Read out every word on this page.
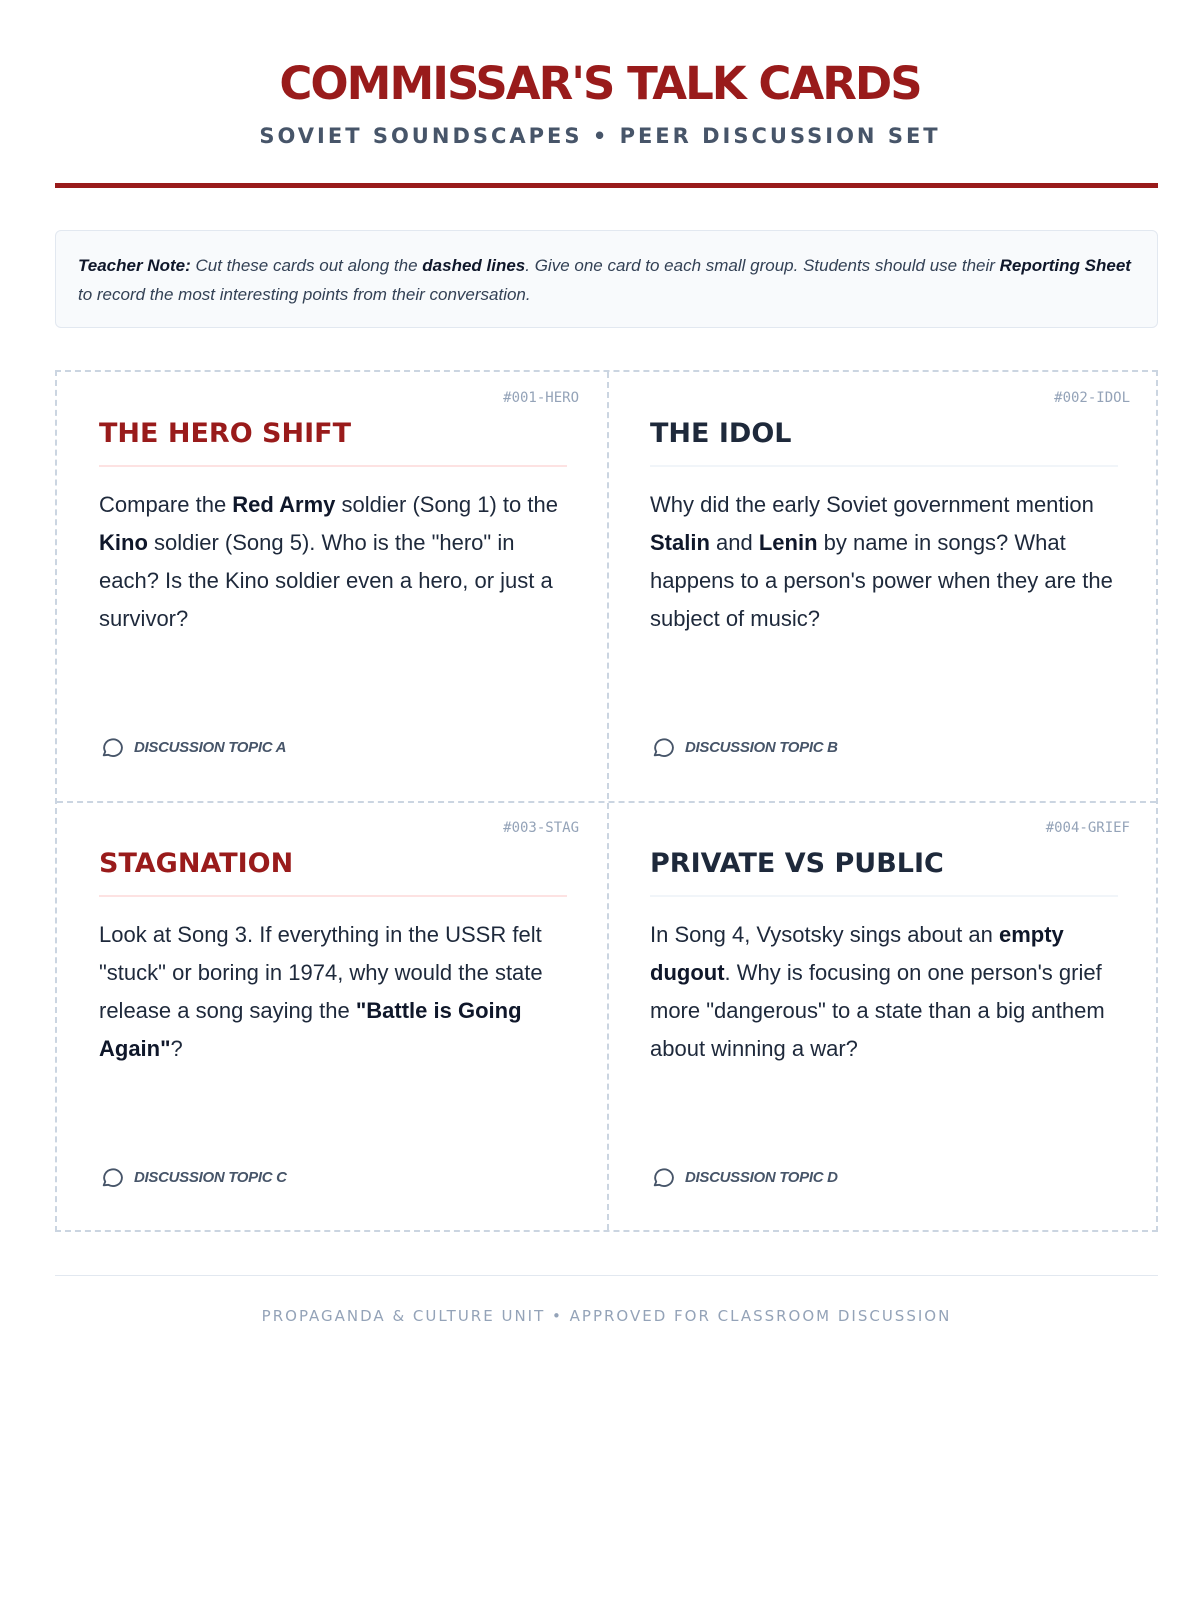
COMMISSAR'S TALK CARDS
SOVIET SOUNDSCAPES • PEER DISCUSSION SET
Teacher Note: Cut these cards out along the dashed lines. Give one card to each small group. Students should use their Reporting Sheet to record the most interesting points from their conversation.
#001-HERO
THE HERO SHIFT
Compare the Red Army soldier (Song 1) to the Kino soldier (Song 5). Who is the "hero" in each? Is the Kino soldier even a hero, or just a survivor?
DISCUSSION TOPIC A
#002-IDOL
THE IDOL
Why did the early Soviet government mention Stalin and Lenin by name in songs? What happens to a person's power when they are the subject of music?
DISCUSSION TOPIC B
#003-STAG
STAGNATION
Look at Song 3. If everything in the USSR felt "stuck" or boring in 1974, why would the state release a song saying the "Battle is Going Again"?
DISCUSSION TOPIC C
#004-GRIEF
PRIVATE VS PUBLIC
In Song 4, Vysotsky sings about an empty dugout. Why is focusing on one person's grief more "dangerous" to a state than a big anthem about winning a war?
DISCUSSION TOPIC D
PROPAGANDA & CULTURE UNIT • APPROVED FOR CLASSROOM DISCUSSION
